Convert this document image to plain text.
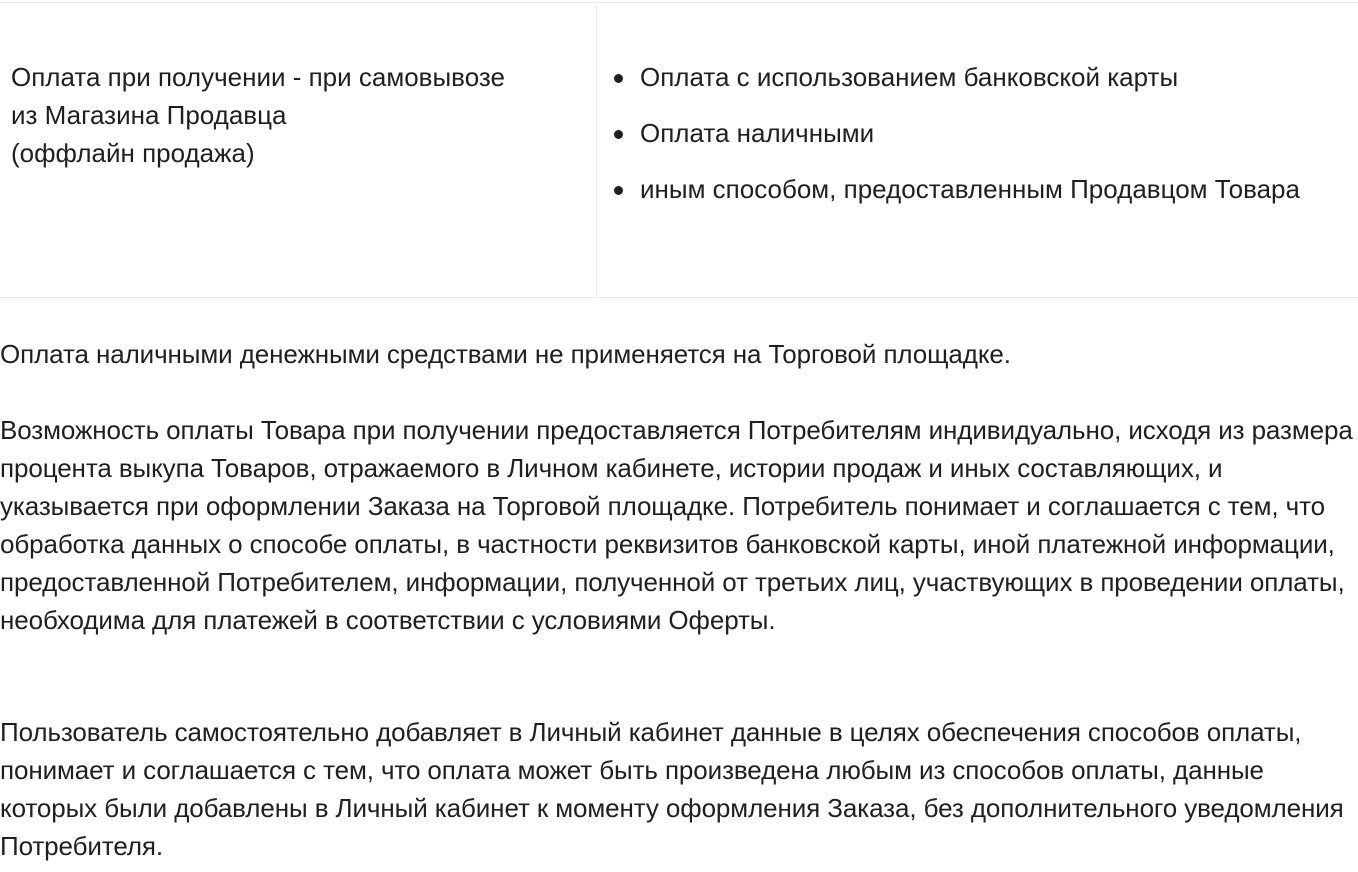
Оплата при получении - при самовывозе
из Магазина Продавца
(оффлайн продажа)
Оплата с использованием банковской карты
Оплата наличными
иным способом, предоставленным Продавцом Товара

Оплата наличными денежными средствами не применяется на Торговой площадке.

Возможность оплаты Товара при получении предоставляется Потребителям индивидуально, исходя из размера процента выкупа Товаров, отражаемого в Личном кабинете, истории продаж и иных составляющих, и указывается при оформлении Заказа на Торговой площадке. Потребитель понимает и соглашается с тем, что обработка данных о способе оплаты, в частности реквизитов банковской карты, иной платежной информации, предоставленной Потребителем, информации, полученной от третьих лиц, участвующих в проведении оплаты, необходима для платежей в соответствии с условиями Оферты.

Пользователь самостоятельно добавляет в Личный кабинет данные в целях обеспечения способов оплаты, понимает и соглашается с тем, что оплата может быть произведена любым из способов оплаты, данные которых были добавлены в Личный кабинет к моменту оформления Заказа, без дополнительного уведомления Потребителя.
